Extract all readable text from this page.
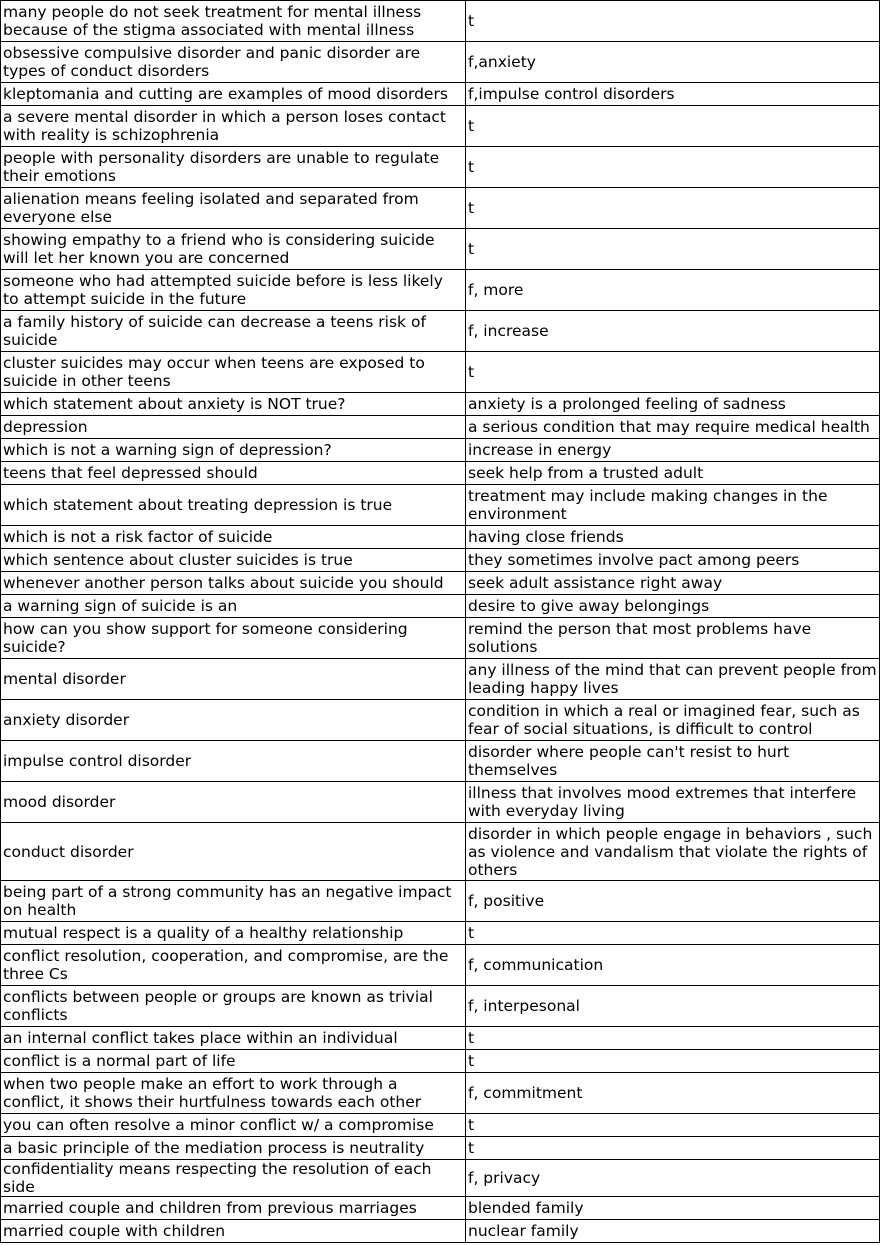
many people do not seek treatment for mental illness because of the stigma associated with mental illness	t
obsessive compulsive disorder and panic disorder are types of conduct disorders	f,anxiety
kleptomania and cutting are examples of mood disorders	f,impulse control disorders
a severe mental disorder in which a person loses contact with reality is schizophrenia	t
people with personality disorders are unable to regulate their emotions	t
alienation means feeling isolated and separated from everyone else	t
showing empathy to a friend who is considering suicide will let her known you are concerned	t
someone who had attempted suicide before is less likely to attempt suicide in the future	f, more
a family history of suicide can decrease a teens risk of suicide	f, increase
cluster suicides may occur when teens are exposed to suicide in other teens	t
which statement about anxiety is NOT true?	anxiety is a prolonged feeling of sadness
depression	a serious condition that may require medical health
which is not a warning sign of depression?	increase in energy
teens that feel depressed should	seek help from a trusted adult
which statement about treating depression is true	treatment may include making changes in the environment
which is not a risk factor of suicide	having close friends
which sentence about cluster suicides is true	they sometimes involve pact among peers
whenever another person talks about suicide you should	seek adult assistance right away
a warning sign of suicide is an	desire to give away belongings
how can you show support for someone considering suicide?	remind the person that most problems have solutions
mental disorder	any illness of the mind that can prevent people from leading happy lives
anxiety disorder	condition in which a real or imagined fear, such as fear of social situations, is difficult to control
impulse control disorder	disorder where people can't resist to hurt themselves
mood disorder	illness that involves mood extremes that interfere with everyday living
conduct disorder	disorder in which people engage in behaviors , such as violence and vandalism that violate the rights of others
being part of a strong community has an negative impact on health	f, positive
mutual respect is a quality of a healthy relationship	t
conflict resolution, cooperation, and compromise, are the three Cs	f, communication
conflicts between people or groups are known as trivial conflicts	f, interpesonal
an internal conflict takes place within an individual	t
conflict is a normal part of life	t
when two people make an effort to work through a conflict, it shows their hurtfulness towards each other	f, commitment
you can often resolve a minor conflict w/ a compromise	t
a basic principle of the mediation process is neutrality	t
confidentiality means respecting the resolution of each side	f, privacy
married couple and children from previous marriages	blended family
married couple with children	nuclear family
